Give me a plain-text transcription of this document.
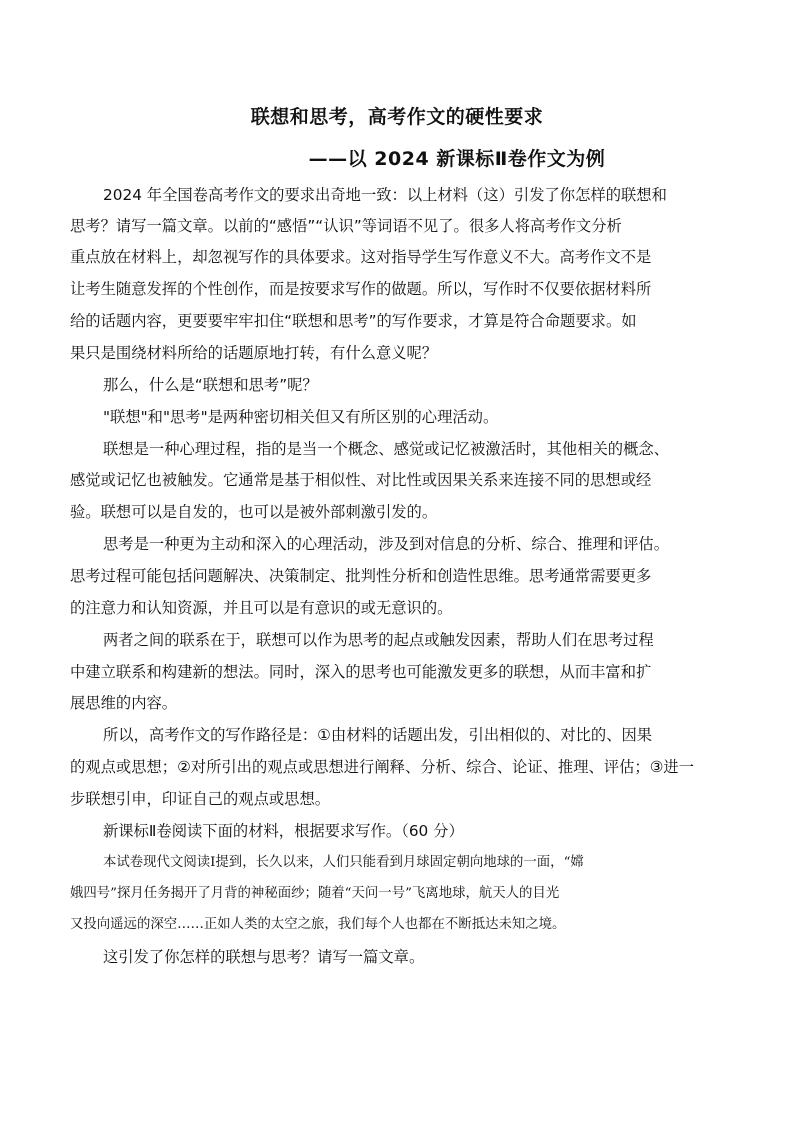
联想和思考，高考作文的硬性要求
——以 2024 新课标Ⅱ卷作文为例
2024 年全国卷高考作文的要求出奇地一致：以上材料（这）引发了你怎样的联想和
思考？请写一篇文章。以前的“感悟”“认识”等词语不见了。很多人将高考作文分析
重点放在材料上，却忽视写作的具体要求。这对指导学生写作意义不大。高考作文不是
让考生随意发挥的个性创作，而是按要求写作的做题。所以，写作时不仅要依据材料所
给的话题内容，更要要牢牢扣住“联想和思考”的写作要求，才算是符合命题要求。如
果只是围绕材料所给的话题原地打转，有什么意义呢？
那么，什么是“联想和思考”呢？
"联想"和"思考"是两种密切相关但又有所区别的心理活动。
联想是一种心理过程，指的是当一个概念、感觉或记忆被激活时，其他相关的概念、
感觉或记忆也被触发。它通常是基于相似性、对比性或因果关系来连接不同的思想或经
验。联想可以是自发的，也可以是被外部刺激引发的。
思考是一种更为主动和深入的心理活动，涉及到对信息的分析、综合、推理和评估。
思考过程可能包括问题解决、决策制定、批判性分析和创造性思维。思考通常需要更多
的注意力和认知资源，并且可以是有意识的或无意识的。
两者之间的联系在于，联想可以作为思考的起点或触发因素，帮助人们在思考过程
中建立联系和构建新的想法。同时，深入的思考也可能激发更多的联想，从而丰富和扩
展思维的内容。
所以，高考作文的写作路径是：①由材料的话题出发，引出相似的、对比的、因果
的观点或思想；②对所引出的观点或思想进行阐释、分析、综合、论证、推理、评估；③进一
步联想引申，印证自己的观点或思想。
新课标Ⅱ卷阅读下面的材料，根据要求写作。（60 分）
本试卷现代文阅读Ⅰ提到，长久以来，人们只能看到月球固定朝向地球的一面，“嫦
娥四号”探月任务揭开了月背的神秘面纱；随着“天问一号”飞离地球，航天人的目光
又投向遥远的深空……正如人类的太空之旅，我们每个人也都在不断抵达未知之境。
这引发了你怎样的联想与思考？请写一篇文章。
